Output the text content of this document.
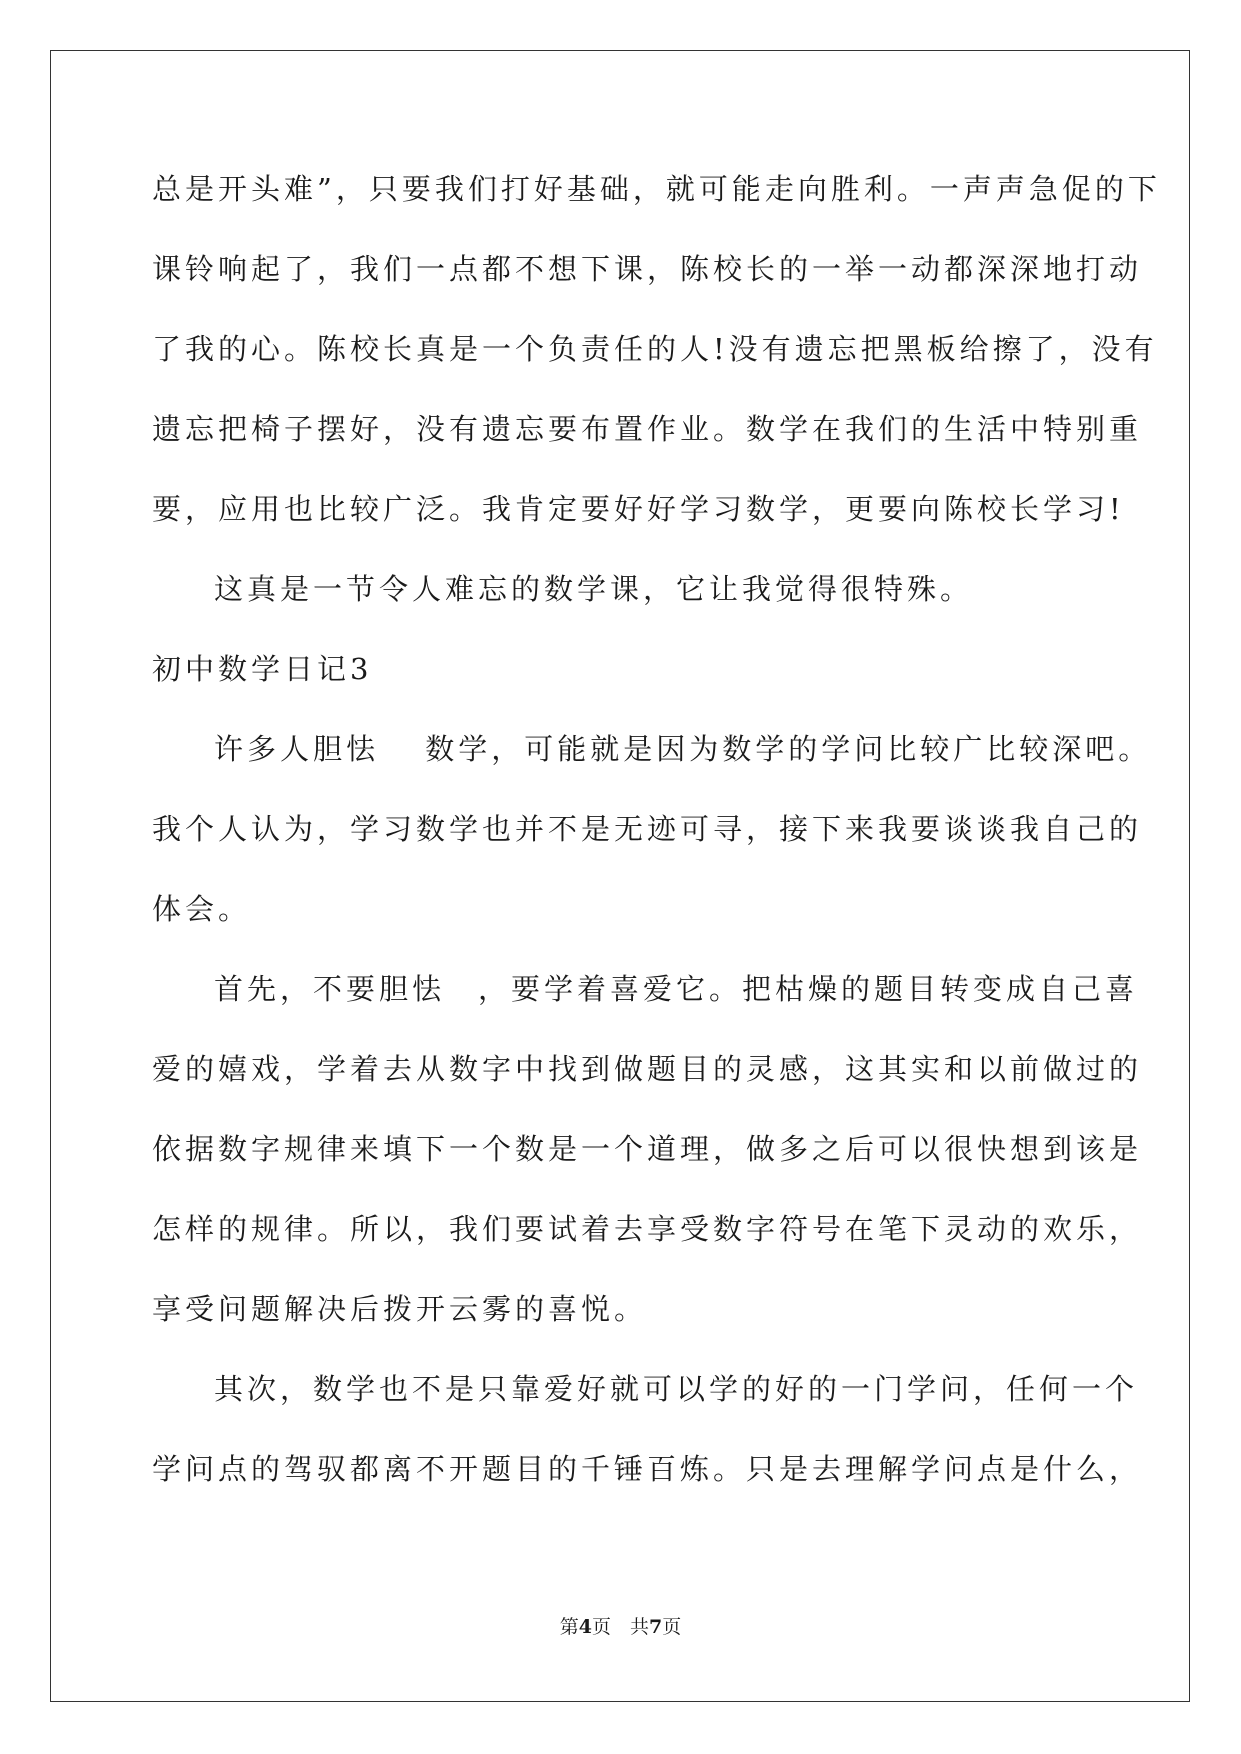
总是开头难”，只要我们打好基础，就可能走向胜利。一声声急促的下
课铃响起了，我们一点都不想下课，陈校长的一举一动都深深地打动
了我的心。陈校长真是一个负责任的人!没有遗忘把黑板给擦了，没有
遗忘把椅子摆好，没有遗忘要布置作业。数学在我们的生活中特别重
要，应用也比较广泛。我肯定要好好学习数学，更要向陈校长学习!
这真是一节令人难忘的数学课，它让我觉得很特殊。
初中数学日记3
许多人胆怯　 数学，可能就是因为数学的学问比较广比较深吧。
我个人认为，学习数学也并不是无迹可寻，接下来我要谈谈我自己的
体会。
首先，不要胆怯　，要学着喜爱它。把枯燥的题目转变成自己喜
爱的嬉戏，学着去从数字中找到做题目的灵感，这其实和以前做过的
依据数字规律来填下一个数是一个道理，做多之后可以很快想到该是
怎样的规律。所以，我们要试着去享受数字符号在笔下灵动的欢乐，
享受问题解决后拨开云雾的喜悦。
其次，数学也不是只靠爱好就可以学的好的一门学问，任何一个
学问点的驾驭都离不开题目的千锤百炼。只是去理解学问点是什么，
第4页　共7页
